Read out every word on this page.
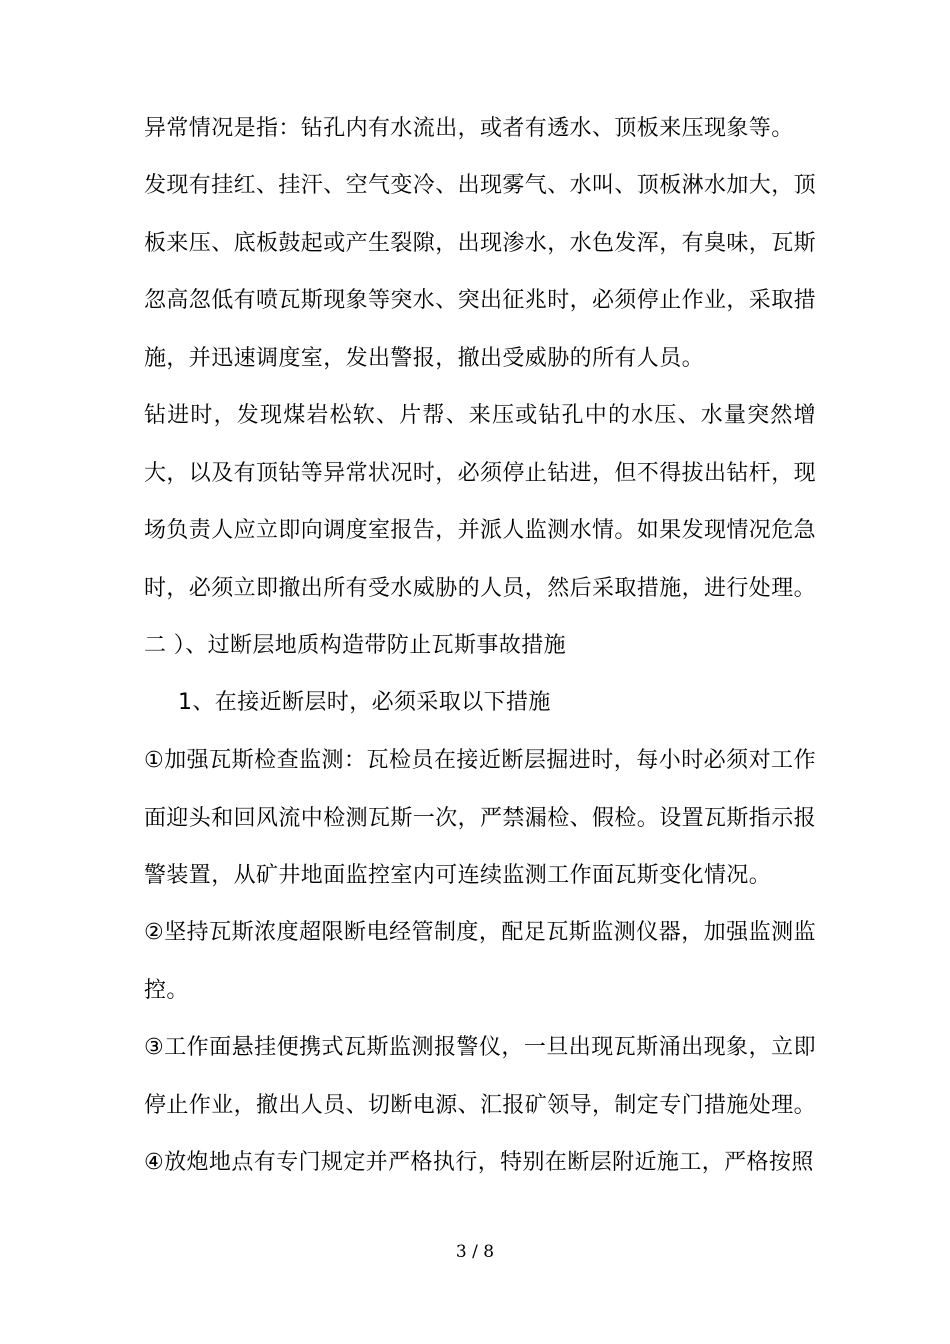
异常情况是指：钻孔内有水流出，或者有透水、顶板来压现象等。

发现有挂红、挂汗、空气变冷、出现雾气、水叫、顶板淋水加大，顶板来压、底板鼓起或产生裂隙，出现渗水，水色发浑，有臭味，瓦斯忽高忽低有喷瓦斯现象等突水、突出征兆时，必须停止作业，采取措施，并迅速调度室，发出警报，撤出受威胁的所有人员。

钻进时，发现煤岩松软、片帮、来压或钻孔中的水压、水量突然增大，以及有顶钻等异常状况时，必须停止钻进，但不得拔出钻杆，现场负责人应立即向调度室报告，并派人监测水情。如果发现情况危急时，必须立即撤出所有受水威胁的人员，然后采取措施，进行处理。

二 ）、过断层地质构造带防止瓦斯事故措施

1、在接近断层时，必须采取以下措施

①加强瓦斯检查监测：瓦检员在接近断层掘进时，每小时必须对工作面迎头和回风流中检测瓦斯一次，严禁漏检、假检。设置瓦斯指示报警装置，从矿井地面监控室内可连续监测工作面瓦斯变化情况。

②坚持瓦斯浓度超限断电经管制度，配足瓦斯监测仪器，加强监测监控。

③工作面悬挂便携式瓦斯监测报警仪，一旦出现瓦斯涌出现象，立即停止作业，撤出人员、切断电源、汇报矿领导，制定专门措施处理。

④放炮地点有专门规定并严格执行，特别在断层附近施工，严格按照

3 / 8
